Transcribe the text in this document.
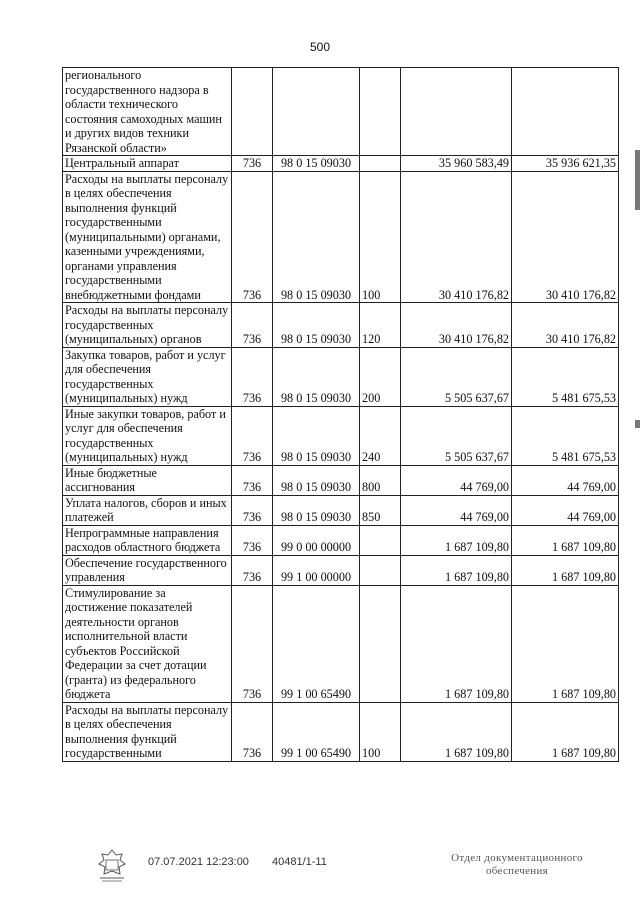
500
регионального государственного надзора в области технического состояния самоходных машин и других видов техники Рязанской области»					
Центральный аппарат	736	98 0 15 09030		35 960 583,49	35 936 621,35
Расходы на выплаты персоналу в целях обеспечения выполнения функций государственными (муниципальными) органами, казенными учреждениями, органами управления государственными внебюджетными фондами	736	98 0 15 09030	100	30 410 176,82	30 410 176,82
Расходы на выплаты персоналу государственных (муниципальных) органов	736	98 0 15 09030	120	30 410 176,82	30 410 176,82
Закупка товаров, работ и услуг для обеспечения государственных (муниципальных) нужд	736	98 0 15 09030	200	5 505 637,67	5 481 675,53
Иные закупки товаров, работ и услуг для обеспечения государственных (муниципальных) нужд	736	98 0 15 09030	240	5 505 637,67	5 481 675,53
Иные бюджетные ассигнования	736	98 0 15 09030	800	44 769,00	44 769,00
Уплата налогов, сборов и иных платежей	736	98 0 15 09030	850	44 769,00	44 769,00
Непрограммные направления расходов областного бюджета	736	99 0 00 00000		1 687 109,80	1 687 109,80
Обеспечение государственного управления	736	99 1 00 00000		1 687 109,80	1 687 109,80
Стимулирование за достижение показателей деятельности органов исполнительной власти субъектов Российской Федерации за счет дотации (гранта) из федерального бюджета	736	99 1 00 65490		1 687 109,80	1 687 109,80
Расходы на выплаты персоналу в целях обеспечения выполнения функций государственными	736	99 1 00 65490	100	1 687 109,80	1 687 109,80
07.07.2021 12:23:00 40481/1-11	Отдел документационного
обеспечения
